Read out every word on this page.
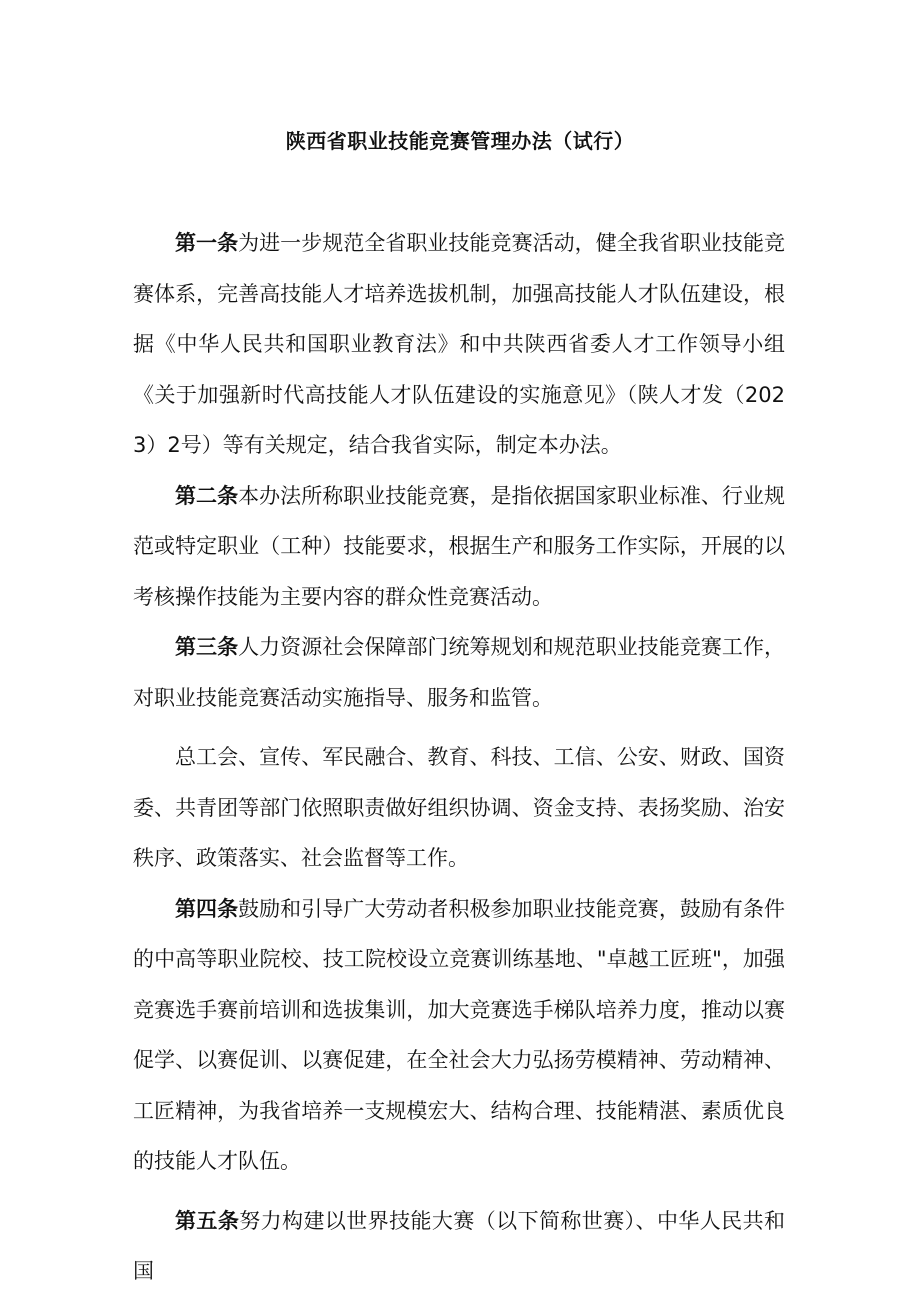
陕西省职业技能竞赛管理办法（试行）

第一条为进一步规范全省职业技能竞赛活动，健全我省职业技能竞赛体系，完善高技能人才培养选拔机制，加强高技能人才队伍建设，根据《中华人民共和国职业教育法》和中共陕西省委人才工作领导小组《关于加强新时代高技能人才队伍建设的实施意见》（陕人才发（2023）2号）等有关规定，结合我省实际，制定本办法。

第二条本办法所称职业技能竞赛，是指依据国家职业标准、行业规范或特定职业（工种）技能要求，根据生产和服务工作实际，开展的以考核操作技能为主要内容的群众性竞赛活动。

第三条人力资源社会保障部门统筹规划和规范职业技能竞赛工作，对职业技能竞赛活动实施指导、服务和监管。

总工会、宣传、军民融合、教育、科技、工信、公安、财政、国资委、共青团等部门依照职责做好组织协调、资金支持、表扬奖励、治安秩序、政策落实、社会监督等工作。

第四条鼓励和引导广大劳动者积极参加职业技能竞赛，鼓励有条件的中高等职业院校、技工院校设立竞赛训练基地、"卓越工匠班"，加强竞赛选手赛前培训和选拔集训，加大竞赛选手梯队培养力度，推动以赛促学、以赛促训、以赛促建，在全社会大力弘扬劳模精神、劳动精神、工匠精神，为我省培养一支规模宏大、结构合理、技能精湛、素质优良的技能人才队伍。

第五条努力构建以世界技能大赛（以下简称世赛）、中华人民共和国
